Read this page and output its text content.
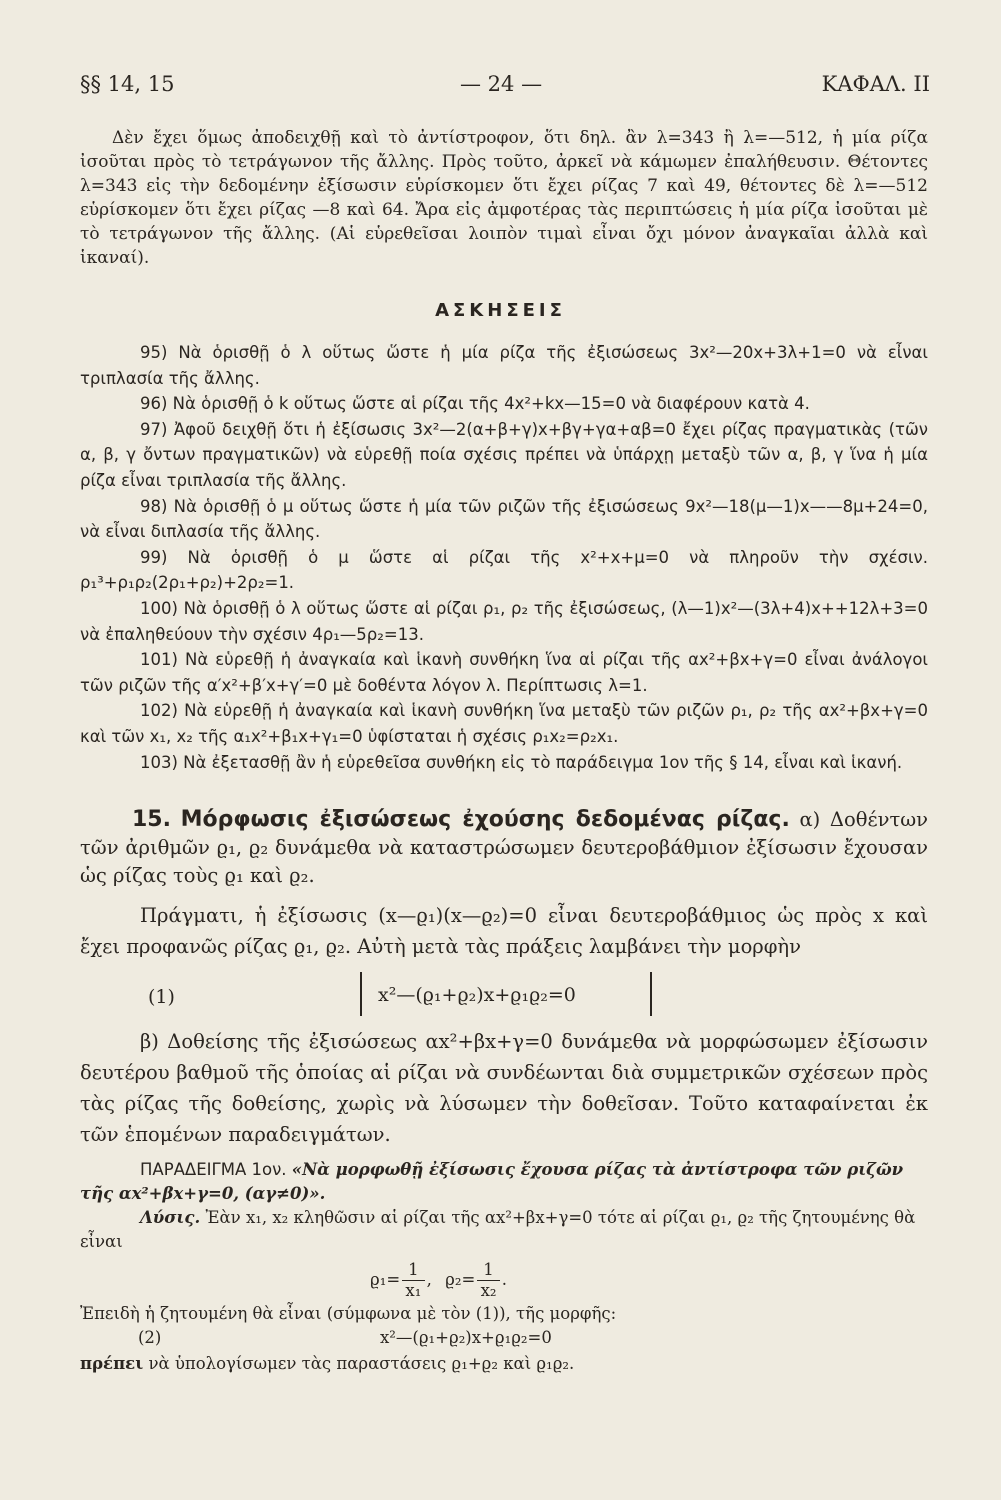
§§ 14, 15	— 24 —	ΚΑΦΑΛ. II

Δὲν ἔχει ὅμως ἀποδειχθῇ καὶ τὸ ἀντίστροφον, ὅτι δηλ. ἂν λ=343 ἢ λ=—512, ἡ μία ρίζα ἰσοῦται πρὸς τὸ τετράγωνον τῆς ἄλλης. Πρὸς τοῦτο, ἀρκεῖ νὰ κάμωμεν ἐπαλήθευσιν. Θέτοντες λ=343 εἰς τὴν δεδομένην ἐξίσωσιν εὑρίσκομεν ὅτι ἔχει ρίζας 7 καὶ 49, θέτοντες δὲ λ=—512 εὑρίσκομεν ὅτι ἔχει ρίζας —8 καὶ 64. Ἄρα εἰς ἀμφοτέρας τὰς περιπτώσεις ἡ μία ρίζα ἰσοῦται μὲ τὸ τετράγωνον τῆς ἄλλης. (Αἱ εὑρεθεῖσαι λοιπὸν τιμαὶ εἶναι ὄχι μόνον ἀναγκαῖαι ἀλλὰ καὶ ἱκαναί).

ΑΣΚΗΣΕΙΣ
95) Νὰ ὁρισθῇ ὁ λ οὕτως ὥστε ἡ μία ρίζα τῆς ἐξισώσεως 3x²—20x+3λ+1=0 νὰ εἶναι τριπλασία τῆς ἄλλης.
96) Νὰ ὁρισθῇ ὁ k οὕτως ὥστε αἱ ρίζαι τῆς 4x²+kx—15=0 νὰ διαφέρουν κατὰ 4.
97) Ἀφοῦ δειχθῇ ὅτι ἡ ἐξίσωσις 3x²—2(α+β+γ)x+βγ+γα+αβ=0 ἔχει ρίζας πραγματικὰς (τῶν α, β, γ ὄντων πραγματικῶν) νὰ εὑρεθῇ ποία σχέσις πρέπει νὰ ὑπάρχῃ μεταξὺ τῶν α, β, γ ἵνα ἡ μία ρίζα εἶναι τριπλασία τῆς ἄλλης.
98) Νὰ ὁρισθῇ ὁ μ οὕτως ὥστε ἡ μία τῶν ριζῶν τῆς ἐξισώσεως 9x²—18(μ—1)x——8μ+24=0, νὰ εἶναι διπλασία τῆς ἄλλης.
99) Νὰ ὁρισθῇ ὁ μ ὥστε αἱ ρίζαι τῆς x²+x+μ=0 νὰ πληροῦν τὴν σχέσιν. ρ₁³+ρ₁ρ₂(2ρ₁+ρ₂)+2ρ₂=1.
100) Νὰ ὁρισθῇ ὁ λ οὕτως ὥστε αἱ ρίζαι ρ₁, ρ₂ τῆς ἐξισώσεως, (λ—1)x²—(3λ+4)x++12λ+3=0 νὰ ἐπαληθεύουν τὴν σχέσιν 4ρ₁—5ρ₂=13.
101) Νὰ εὑρεθῇ ἡ ἀναγκαία καὶ ἱκανὴ συνθήκη ἵνα αἱ ρίζαι τῆς αx²+βx+γ=0 εἶναι ἀνάλογοι τῶν ριζῶν τῆς α′x²+β′x+γ′=0 μὲ δοθέντα λόγον λ. Περίπτωσις λ=1.
102) Νὰ εὑρεθῇ ἡ ἀναγκαία καὶ ἱκανὴ συνθήκη ἵνα μεταξὺ τῶν ριζῶν ρ₁, ρ₂ τῆς αx²+βx+γ=0 καὶ τῶν x₁, x₂ τῆς α₁x²+β₁x+γ₁=0 ὑφίσταται ἡ σχέσις ρ₁x₂=ρ₂x₁.
103) Νὰ ἐξετασθῇ ἂν ἡ εὑρεθεῖσα συνθήκη εἰς τὸ παράδειγμα 1ον τῆς § 14, εἶναι καὶ ἱκανή.
15. Μόρφωσις ἐξισώσεως ἐχούσης δεδομένας ρίζας. α) Δοθέντων τῶν ἀριθμῶν ϱ₁, ϱ₂ δυνάμεθα νὰ καταστρώσωμεν δευτεροβάθμιον ἐξίσωσιν ἔχουσαν ὡς ρίζας τοὺς ϱ₁ καὶ ϱ₂.

Πράγματι, ἡ ἐξίσωσις (x—ϱ₁)(x—ϱ₂)=0 εἶναι δευτεροβάθμιος ὡς πρὸς x καὶ ἔχει προφανῶς ρίζας ϱ₁, ϱ₂. Αὐτὴ μετὰ τὰς πράξεις λαμβάνει τὴν μορφὴν

(1)	x²—(ϱ₁+ϱ₂)x+ϱ₁ϱ₂=0

β) Δοθείσης τῆς ἐξισώσεως αx²+βx+γ=0 δυνάμεθα νὰ μορφώσωμεν ἐξίσωσιν δευτέρου βαθμοῦ τῆς ὁποίας αἱ ρίζαι νὰ συνδέωνται διὰ συμμετρικῶν σχέσεων πρὸς τὰς ρίζας τῆς δοθείσης, χωρὶς νὰ λύσωμεν τὴν δοθεῖσαν. Τοῦτο καταφαίνεται ἐκ τῶν ἑπομένων παραδειγμάτων.

ΠΑΡΑΔΕΙΓΜΑ 1ον. «Νὰ μορφωθῇ ἐξίσωσις ἔχουσα ρίζας τὰ ἀντίστροφα τῶν ριζῶν τῆς αx²+βx+γ=0, (αγ≠0)».
Λύσις. Ἐὰν x₁, x₂ κληθῶσιν αἱ ρίζαι τῆς αx²+βx+γ=0 τότε αἱ ρίζαι ϱ₁, ϱ₂ τῆς ζητουμένης θὰ εἶναι
$ϱ_1= \frac{1}{\text{x₁}}$ , $ϱ_2= \frac{1}{\text{x₂}}$ .
Ἐπειδὴ ἡ ζητουμένη θὰ εἶναι (σύμφωνα μὲ τὸν (1)), τῆς μορφῆς:
(2)	x²—(ϱ₁+ϱ₂)x+ϱ₁ϱ₂=0
πρέπει νὰ ὑπολογίσωμεν τὰς παραστάσεις ϱ₁+ϱ₂ καὶ ϱ₁ϱ₂.
